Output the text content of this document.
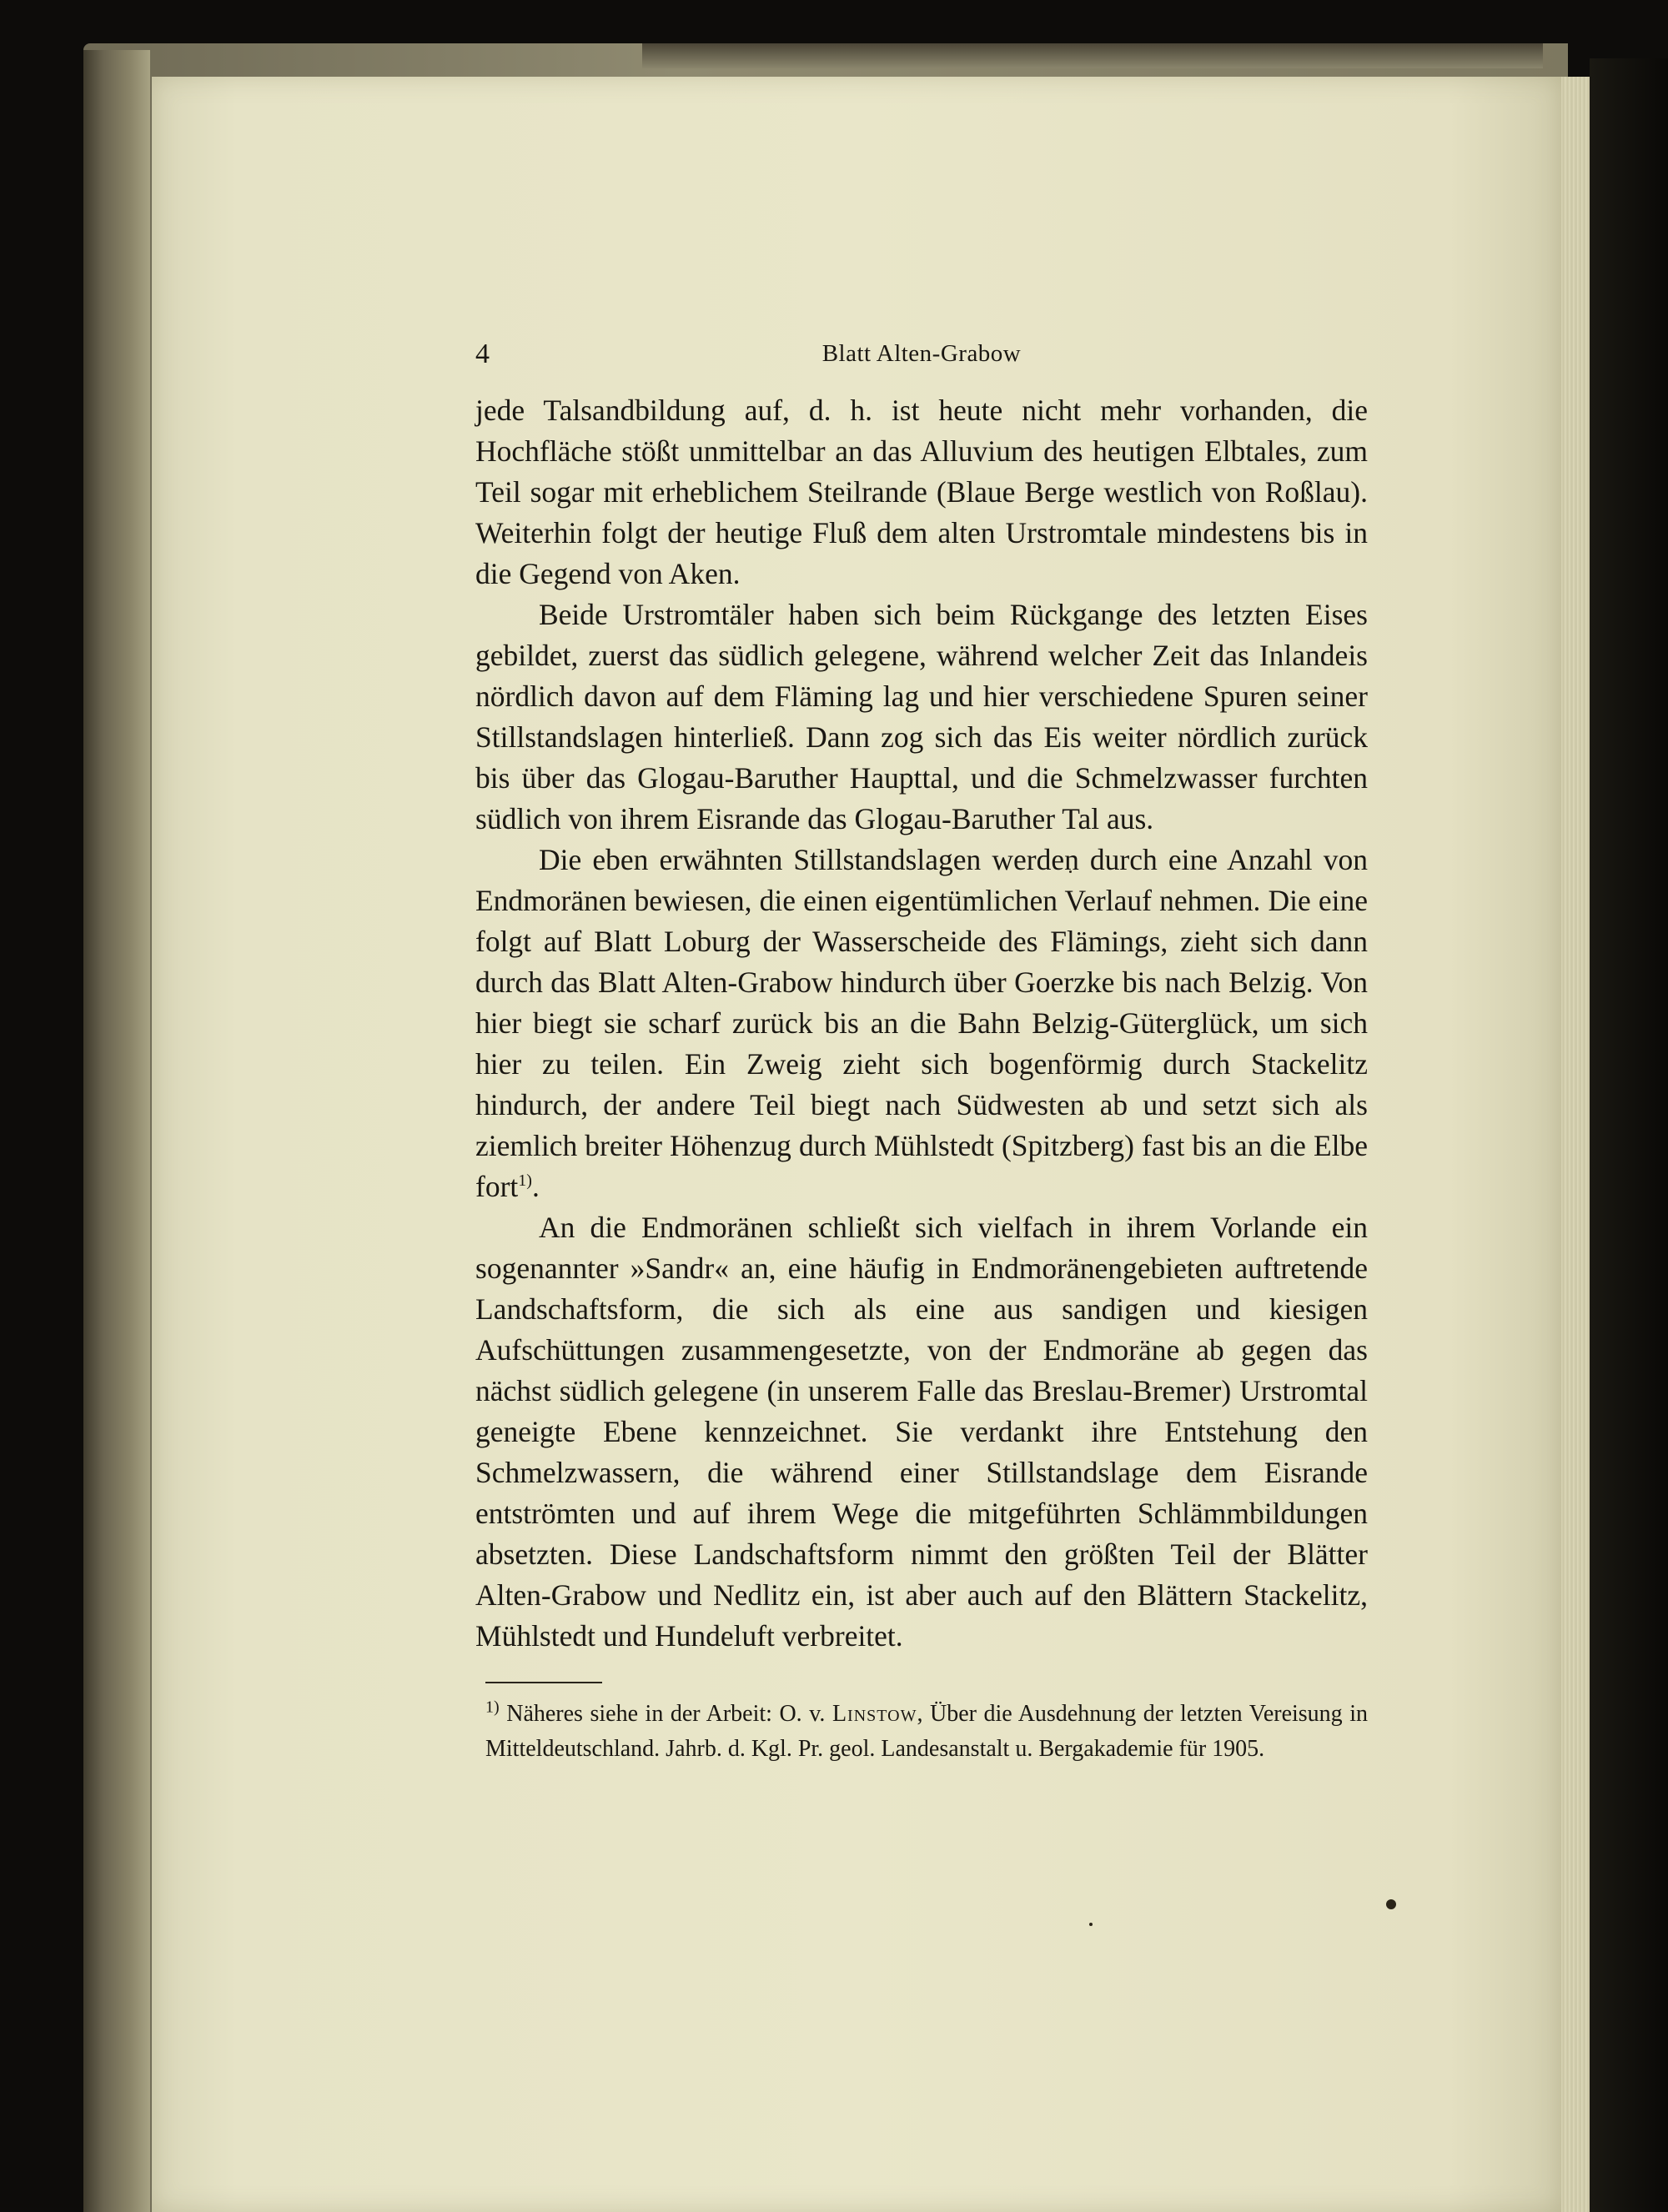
4	Blatt Alten-Grabow

jede Talsandbildung auf, d. h. ist heute nicht mehr vorhanden, die Hochfläche stößt unmittelbar an das Alluvium des heutigen Elbtales, zum Teil sogar mit erheblichem Steilrande (Blaue Berge westlich von Roßlau). Weiterhin folgt der heutige Fluß dem alten Urstromtale mindestens bis in die Gegend von Aken.

Beide Urstromtäler haben sich beim Rückgange des letzten Eises gebildet, zuerst das südlich gelegene, während welcher Zeit das Inlandeis nördlich davon auf dem Fläming lag und hier verschiedene Spuren seiner Stillstandslagen hinterließ. Dann zog sich das Eis weiter nördlich zurück bis über das Glogau-Baruther Haupttal, und die Schmelzwasser furchten südlich von ihrem Eisrande das Glogau-Baruther Tal aus.

Die eben erwähnten Stillstandslagen werden durch eine Anzahl von Endmoränen bewiesen, die einen eigentümlichen Verlauf nehmen. Die eine folgt auf Blatt Loburg der Wasserscheide des Flämings, zieht sich dann durch das Blatt Alten-Grabow hindurch über Goerzke bis nach Belzig. Von hier biegt sie scharf zurück bis an die Bahn Belzig-Güterglück, um sich hier zu teilen. Ein Zweig zieht sich bogenförmig durch Stackelitz hindurch, der andere Teil biegt nach Südwesten ab und setzt sich als ziemlich breiter Höhenzug durch Mühlstedt (Spitzberg) fast bis an die Elbe fort$^{1)}$.

An die Endmoränen schließt sich vielfach in ihrem Vorlande ein sogenannter »Sandr« an, eine häufig in Endmoränengebieten auftretende Landschaftsform, die sich als eine aus sandigen und kiesigen Aufschüttungen zusammengesetzte, von der Endmoräne ab gegen das nächst südlich gelegene (in unserem Falle das Breslau-Bremer) Urstromtal geneigte Ebene kennzeichnet. Sie verdankt ihre Entstehung den Schmelzwassern, die während einer Stillstandslage dem Eisrande entströmten und auf ihrem Wege die mitgeführten Schlämmbildungen absetzten. Diese Landschaftsform nimmt den größten Teil der Blätter Alten-Grabow und Nedlitz ein, ist aber auch auf den Blättern Stackelitz, Mühlstedt und Hundeluft verbreitet.

$^{1)}$ Näheres siehe in der Arbeit: O. v. Linstow, Über die Ausdehnung der letzten Vereisung in Mitteldeutschland. Jahrb. d. Kgl. Pr. geol. Landesanstalt u. Bergakademie für 1905.
